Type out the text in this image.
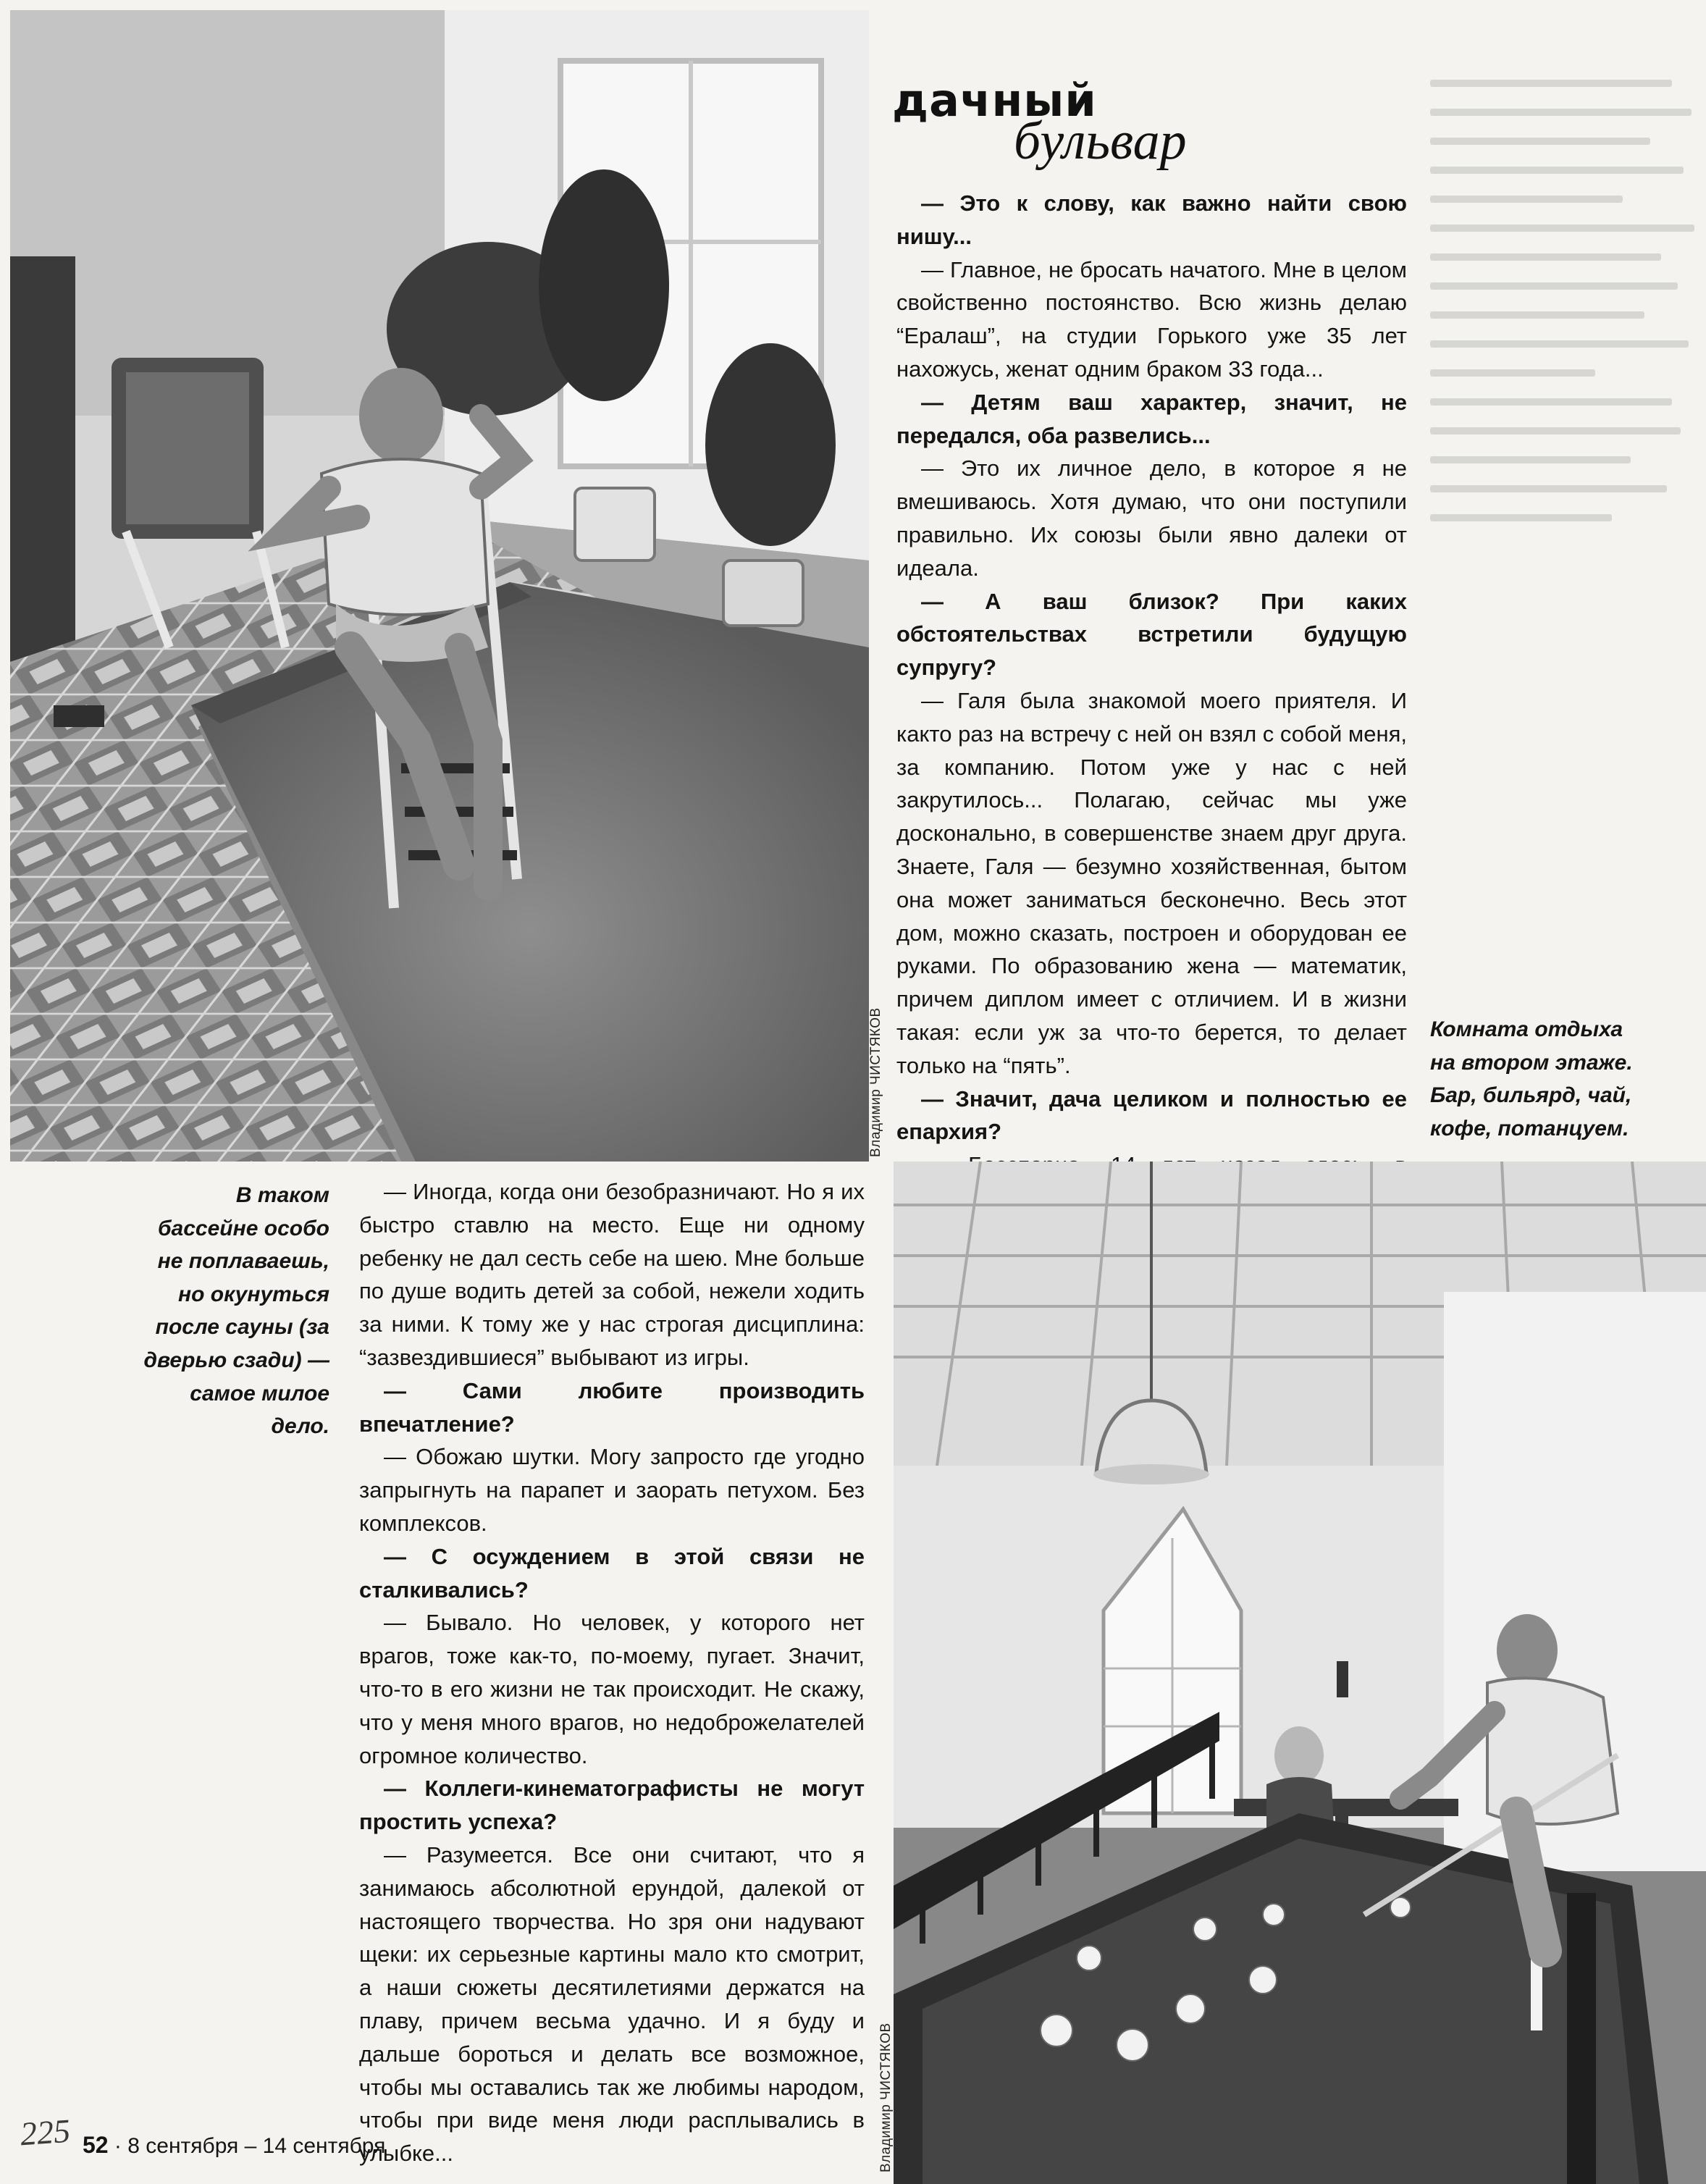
дачный
бульвар

— Это к слову, как важно найти свою нишу...

— Главное, не бросать начатого. Мне в целом свойственно постоянство. Всю жизнь делаю “Ералаш”, на студии Горького уже 35 лет нахожусь, женат одним браком 33 года...

— Детям ваш характер, значит, не передался, оба развелись...

— Это их личное дело, в которое я не вмешиваюсь. Хотя думаю, что они поступили правильно. Их союзы были явно далеки от идеала.

— А ваш близок? При каких обстоятельствах встретили будущую супругу?

— Галя была знакомой моего приятеля. И както раз на встречу с ней он взял с собой меня, за компанию. Потом уже у нас с ней закрутилось... Полагаю, сейчас мы уже досконально, в совершенстве знаем друг друга. Знаете, Галя — безумно хозяйственная, бытом она может заниматься бесконечно. Весь этот дом, можно сказать, построен и оборудован ее руками. По образованию жена — математик, причем диплом имеет с отличием. И в жизни такая: если уж за что-то берется, то делает только на “пять”.

— Значит, дача целиком и полностью ее епархия?

Комната отдыха на втором этаже. Бар, бильярд, чай, кофе, потанцуем.
Владимир ЧИСТЯКОВ
Владимир ЧИСТЯКОВ
В таком бассейне особо не поплаваешь, но окунуться после сауны (за дверью сзади) — самое милое дело.

— Иногда, когда они безобразничают. Но я их быстро ставлю на место. Еще ни одному ребенку не дал сесть себе на шею. Мне больше по душе водить детей за собой, нежели ходить за ними. К тому же у нас строгая дисциплина: “зазвездившиеся” выбывают из игры.

— Сами любите производить впечатление?

— Обожаю шутки. Могу запросто где угодно запрыгнуть на парапет и заорать петухом. Без комплексов.

— С осуждением в этой связи не сталкивались?

— Бывало. Но человек, у которого нет врагов, тоже как-то, по-моему, пугает. Значит, что-то в его жизни не так происходит. Не скажу, что у меня много врагов, но недоброжелателей огромное количество.

— Коллеги-кинематографисты не могут простить успеха?

— Разумеется. Все они считают, что я занимаюсь абсолютной ерундой, далекой от настоящего творчества. Но зря они надувают щеки: их серьезные картины мало кто смотрит, а наши сюжеты десятилетиями держатся на плаву, причем весьма удачно. И я буду и дальше бороться и делать все возможное, чтобы мы оставались так же любимы народом, чтобы при виде меня люди расплывались в улыбке...

225 52 · 8 сентября – 14 сентября
